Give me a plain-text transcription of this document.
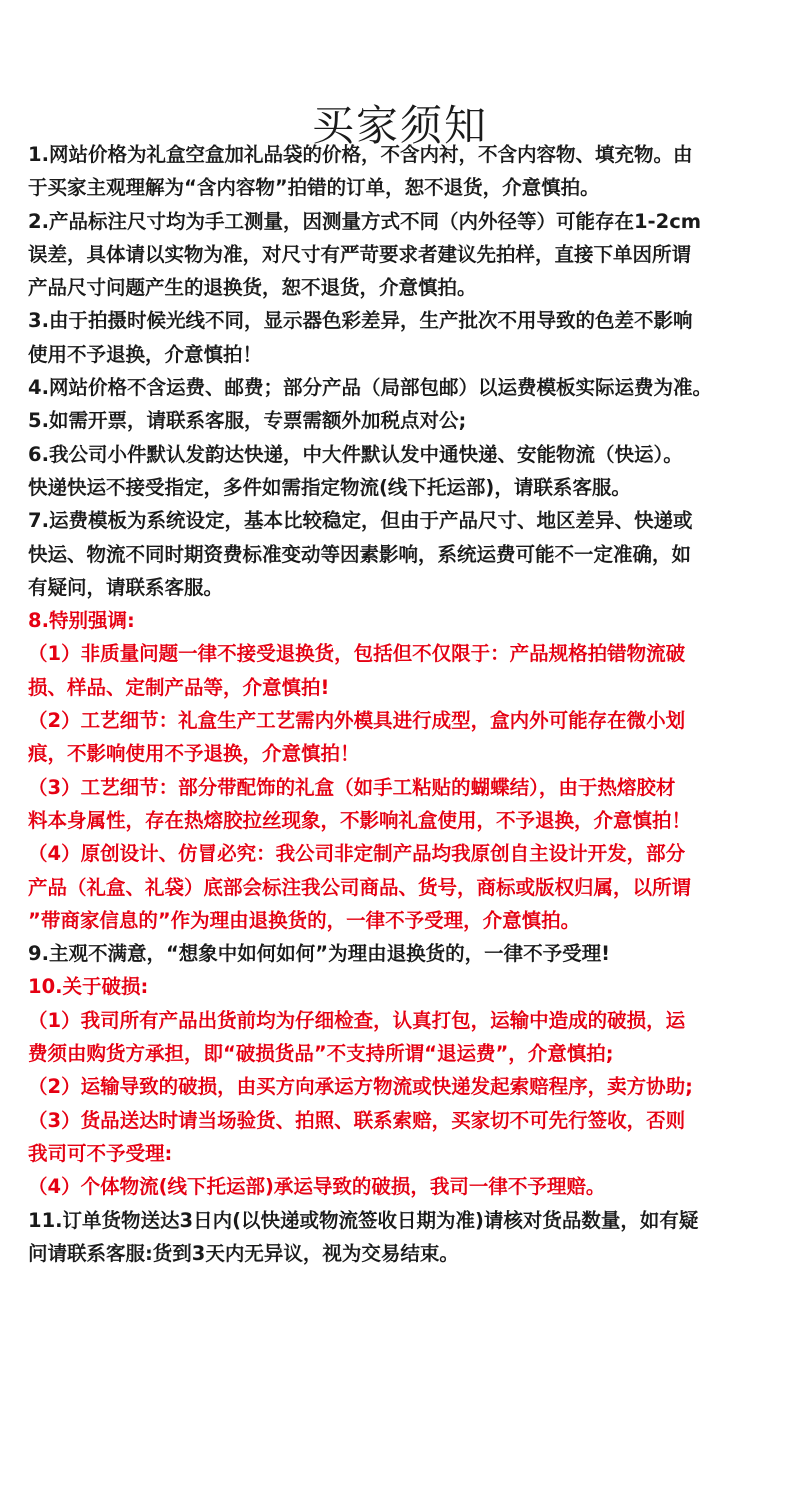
买家须知
1.网站价格为礼盒空盒加礼品袋的价格，不含内衬，不含内容物、填充物。由
于买家主观理解为“含内容物”拍错的订单，恕不退货，介意慎拍。
2.产品标注尺寸均为手工测量，因测量方式不同（内外径等）可能存在1-2cm
误差，具体请以实物为准，对尺寸有严苛要求者建议先拍样，直接下单因所谓
产品尺寸问题产生的退换货，恕不退货，介意慎拍。
3.由于拍摄时候光线不同，显示器色彩差异，生产批次不用导致的色差不影响
使用不予退换，介意慎拍！
4.网站价格不含运费、邮费；部分产品（局部包邮）以运费模板实际运费为准。
5.如需开票，请联系客服，专票需额外加税点对公;
6.我公司小件默认发韵达快递，中大件默认发中通快递、安能物流（快运）。
快递快运不接受指定，多件如需指定物流(线下托运部)，请联系客服。
7.运费模板为系统设定，基本比较稳定，但由于产品尺寸、地区差异、快递或
快运、物流不同时期资费标准变动等因素影响，系统运费可能不一定准确，如
有疑问，请联系客服。
8.特别强调:
（1）非质量问题一律不接受退换货，包括但不仅限于：产品规格拍错物流破
损、样品、定制产品等，介意慎拍!
（2）工艺细节：礼盒生产工艺需内外模具进行成型，盒内外可能存在微小划
痕，不影响使用不予退换，介意慎拍！
（3）工艺细节：部分带配饰的礼盒（如手工粘贴的蝴蝶结），由于热熔胶材
料本身属性，存在热熔胶拉丝现象，不影响礼盒使用，不予退换，介意慎拍！
（4）原创设计、仿冒必究：我公司非定制产品均我原创自主设计开发，部分
产品（礼盒、礼袋）底部会标注我公司商品、货号，商标或版权归属，以所谓
”带商家信息的”作为理由退换货的，一律不予受理，介意慎拍。
9.主观不满意，“想象中如何如何”为理由退换货的，一律不予受理!
10.关于破损:
（1）我司所有产品出货前均为仔细检查，认真打包，运输中造成的破损，运
费须由购货方承担，即“破损货品”不支持所谓“退运费”，介意慎拍;
（2）运输导致的破损，由买方向承运方物流或快递发起索赔程序，卖方协助;
（3）货品送达时请当场验货、拍照、联系索赔，买家切不可先行签收，否则
我司可不予受理:
（4）个体物流(线下托运部)承运导致的破损，我司一律不予理赔。
11.订单货物送达3日内(以快递或物流签收日期为准)请核对货品数量，如有疑
问请联系客服:货到3天内无异议，视为交易结束。
